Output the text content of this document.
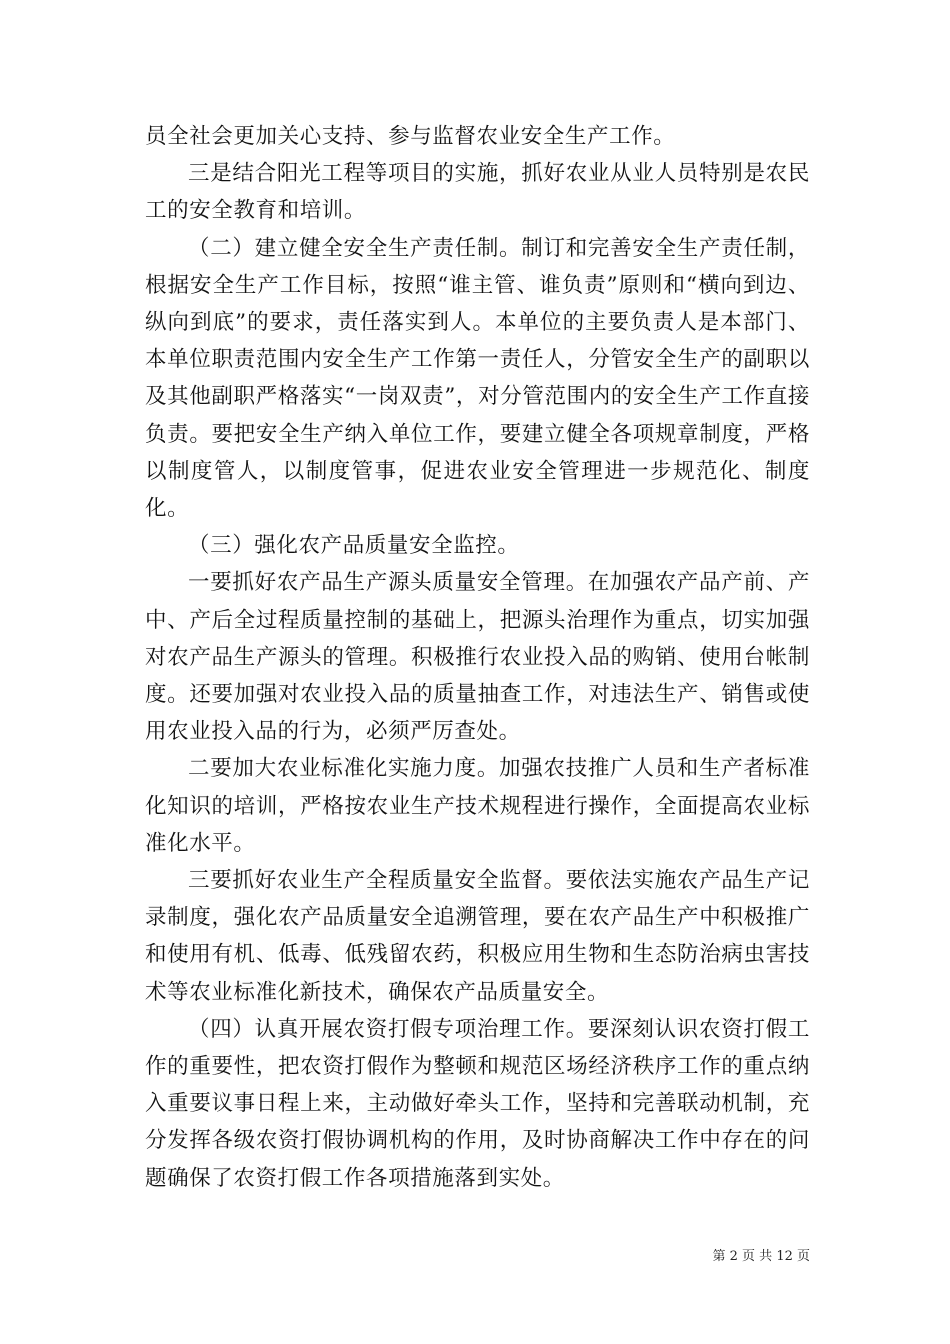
员全社会更加关心支持、参与监督农业安全生产工作。

三是结合阳光工程等项目的实施，抓好农业从业人员特别是农民工的安全教育和培训。

（二）建立健全安全生产责任制。制订和完善安全生产责任制，根据安全生产工作目标，按照“谁主管、谁负责”原则和“横向到边、纵向到底”的要求，责任落实到人。本单位的主要负责人是本部门、本单位职责范围内安全生产工作第一责任人，分管安全生产的副职以及其他副职严格落实“一岗双责”，对分管范围内的安全生产工作直接负责。要把安全生产纳入单位工作，要建立健全各项规章制度，严格以制度管人，以制度管事，促进农业安全管理进一步规范化、制度化。

（三）强化农产品质量安全监控。

一要抓好农产品生产源头质量安全管理。在加强农产品产前、产中、产后全过程质量控制的基础上，把源头治理作为重点，切实加强对农产品生产源头的管理。积极推行农业投入品的购销、使用台帐制度。还要加强对农业投入品的质量抽查工作，对违法生产、销售或使用农业投入品的行为，必须严厉查处。

二要加大农业标准化实施力度。加强农技推广人员和生产者标准化知识的培训，严格按农业生产技术规程进行操作，全面提高农业标准化水平。

三要抓好农业生产全程质量安全监督。要依法实施农产品生产记录制度，强化农产品质量安全追溯管理，要在农产品生产中积极推广和使用有机、低毒、低残留农药，积极应用生物和生态防治病虫害技术等农业标准化新技术，确保农产品质量安全。

（四）认真开展农资打假专项治理工作。要深刻认识农资打假工作的重要性，把农资打假作为整顿和规范区场经济秩序工作的重点纳入重要议事日程上来，主动做好牵头工作，坚持和完善联动机制，充分发挥各级农资打假协调机构的作用，及时协商解决工作中存在的问题确保了农资打假工作各项措施落到实处。

第 2 页 共 12 页
